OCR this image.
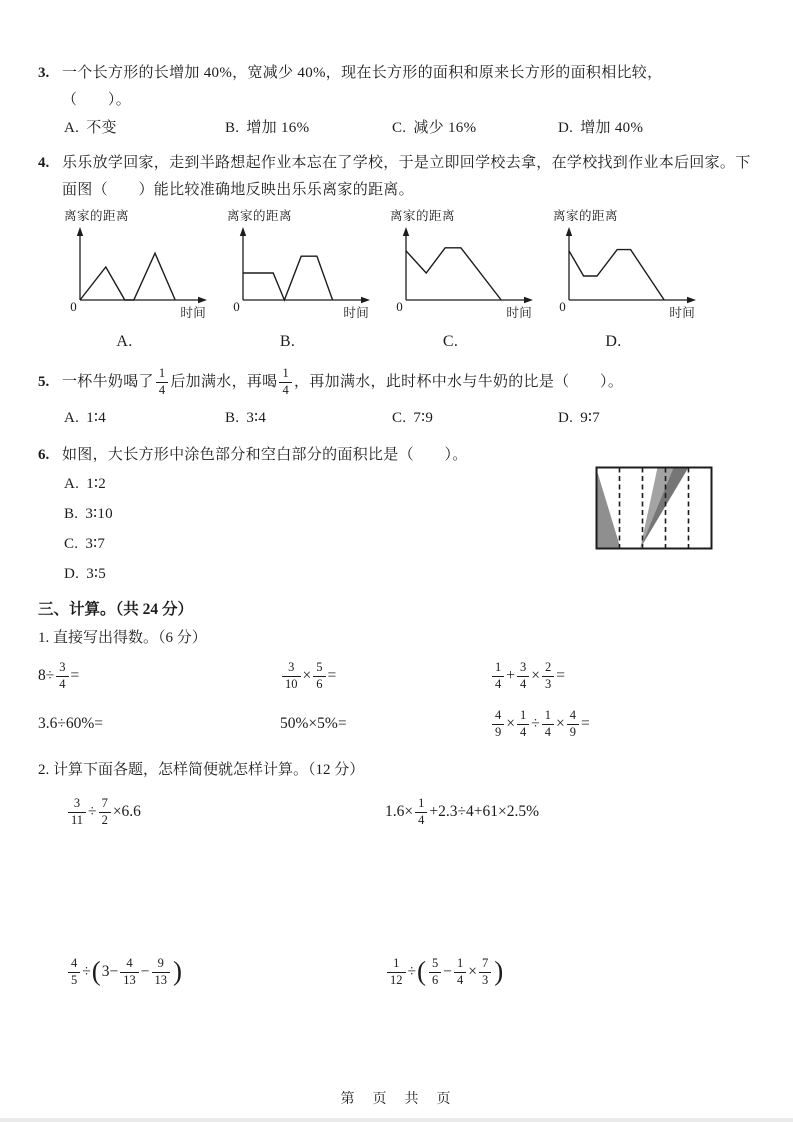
3. 一个长方形的长增加 40%，宽减少 40%，现在长方形的面积和原来长方形的面积相比较，
（　　）。
A. 不变	B. 增加 16%	C. 减少 16%	D. 增加 40%
4. 乐乐放学回家，走到半路想起作业本忘在了学校，于是立即回学校去拿，在学校找到作业本后回家。下面图（　　）能比较准确地反映出乐乐离家的距离。
离家的距离
0	时间
A.
离家的距离
0	时间
B.
离家的距离
0	时间
C.
离家的距离
0	时间
D.
5. 一杯牛奶喝了 $\frac{1}{4}$ 后加满水，再喝 $\frac{1}{4}$ ，再加满水，此时杯中水与牛奶的比是（　　）。
A. 1∶4	B. 3∶4	C. 7∶9	D. 9∶7
6. 如图，大长方形中涂色部分和空白部分的面积比是（　　）。
A. 1∶2
B. 3∶10
C. 3∶7
D. 3∶5
三、计算。（共 24 分）
1. 直接写出得数。（6 分）
$8\div \frac{3}{4}$ =	$\frac{3}{10} \times \frac{5}{6}$ =	$\frac{1}{4} + \frac{3}{4} \times \frac{2}{3}$ =
3.6÷60%=	50%×5%=	$\frac{4}{9} \times \frac{1}{4} \div \frac{1}{4} \times \frac{4}{9}$ =
2. 计算下面各题，怎样简便就怎样计算。（12 分）
$\frac{3}{11} \div \frac{7}{2} \times 6.6$	$1.6\times \frac{1}{4} +2.3\div 4+61\times 2.5\%$
$\frac{4}{5}$ ÷ ( $3- \frac{4}{13} - \frac{9}{13}$ )	$\frac{1}{12}$ ÷ ( $\frac{5}{6} - \frac{1}{4} \times \frac{7}{3}$ )
第　页　共　页
